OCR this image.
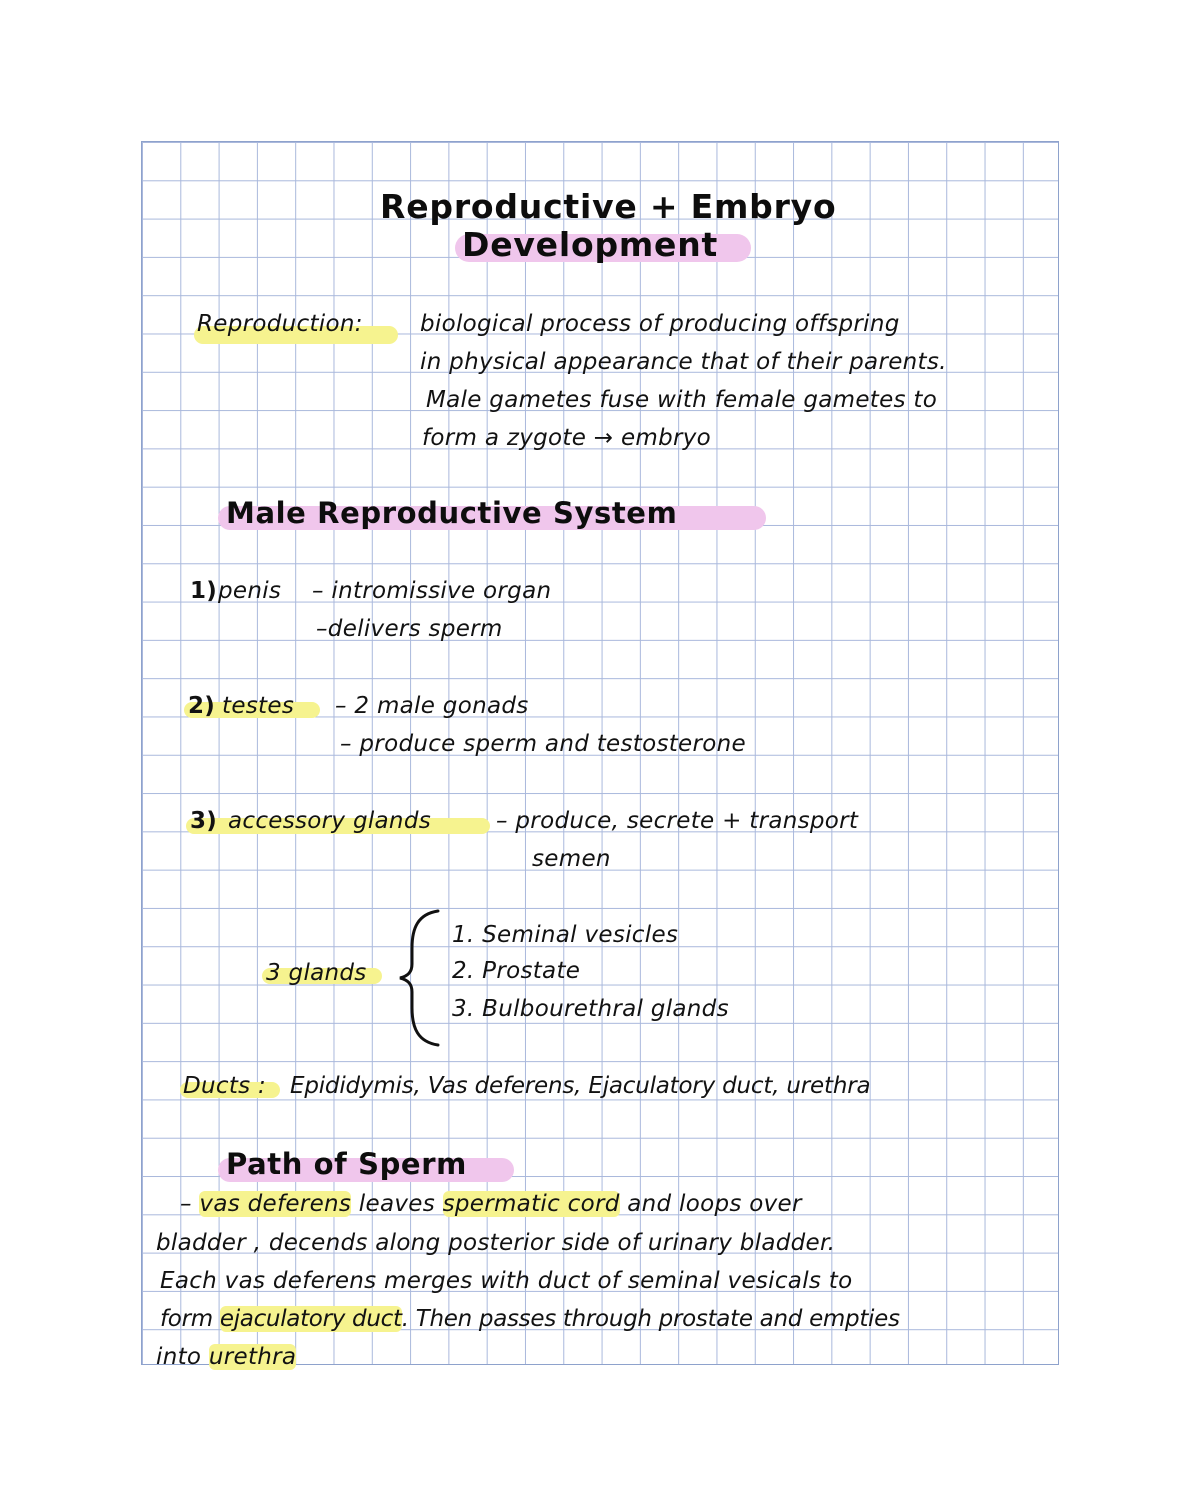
Reproductive + Embryo
Development
Reproduction: biological process of producing offspring
in physical appearance that of their parents.
Male gametes fuse with female gametes to
form a zygote → embryo
Male Reproductive System
1) penis – intromissive organ
–delivers sperm
2) testes – 2 male gonads
– produce sperm and testosterone
3) accessory glands	– produce, secrete + transport
semen
3 glands
1. Seminal vesicles
2. Prostate
3. Bulbourethral glands
Ducts : Epididymis, Vas deferens, Ejaculatory duct, urethra
Path of Sperm
– vas deferens leaves spermatic cord and loops over
bladder , decends along posterior side of urinary bladder.
Each vas deferens merges with duct of seminal vesicals to
form ejaculatory duct. Then passes through prostate and empties
into urethra
